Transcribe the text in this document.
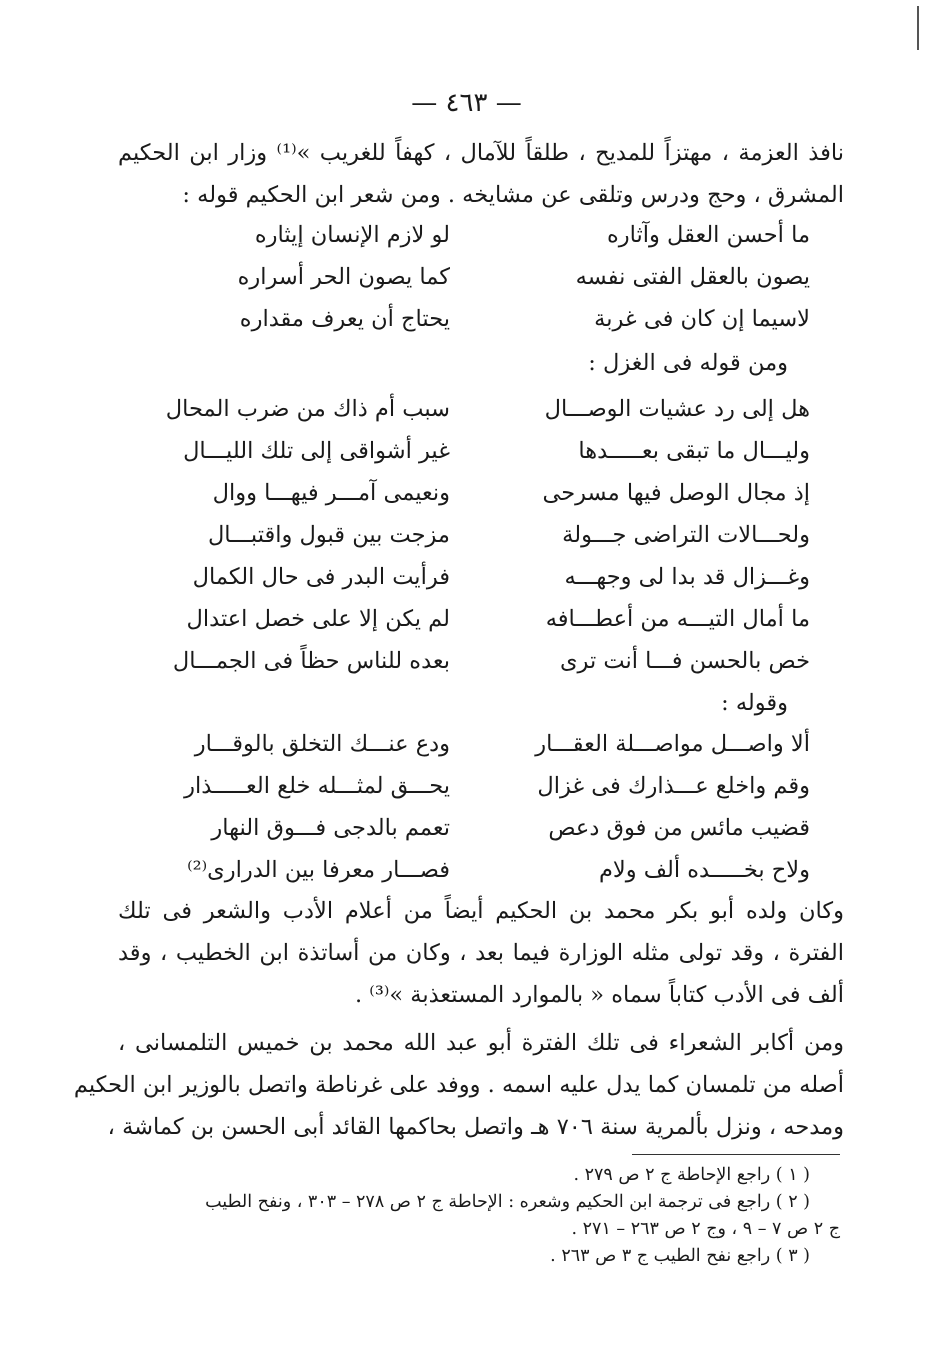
— ٤٦٣ —
نافذ العزمة ، مهتزاً للمديح ، طلقاً للآمال ، كهفاً للغريب »⁽¹⁾ وزار ابن الحكيم
المشرق ، وحج ودرس وتلقى عن مشايخه . ومن شعر ابن الحكيم قوله :
ما أحسن العقل وآثاره
لو لازم الإنسان إيثاره
يصون بالعقل الفتى نفسه
كما يصون الحر أسراره
لاسيما إن كان فى غربة
يحتاج أن يعرف مقداره
ومن قوله فى الغزل :
هل إلى رد عشيات الوصـــال
سبب أم ذاك من ضرب المحال
وليـــال ما تبقى بعـــــدها
غير أشواقى إلى تلك الليـــال
إذ مجال الوصل فيها مسرحى
ونعيمى آمـــر فيهـــا ووال
ولحـــالات التراضى جـــولة
مزجت بين قبول واقتبـــال
وغـــزال قد بدا لى وجهـــه
فرأيت البدر فى حال الكمال
ما أمال التيـــه من أعطـــافه
لم يكن إلا على خصل اعتدال
خص بالحسن فـــا أنت ترى
بعده للناس حظاً فى الجمـــال
وقوله :
ألا واصـــل مواصـــلة العقـــار
ودع عنـــك التخلق بالوقـــار
وقم واخلع عـــذارك فى غزال
يحـــق لمثـــله خلع العـــــذار
قضيب مائس من فوق دعص
تعمم بالدجى فـــوق النهار
ولاح بخـــــده ألف ولام
فصـــار معرفا بين الدرارى⁽²⁾
وكان ولده أبو بكر محمد بن الحكيم أيضاً من أعلام الأدب والشعر فى تلك
الفترة ، وقد تولى مثله الوزارة فيما بعد ، وكان من أساتذة ابن الخطيب ، وقد
ألف فى الأدب كتاباً سماه « بالموارد المستعذبة »⁽³⁾ .
ومن أكابر الشعراء فى تلك الفترة أبو عبد الله محمد بن خميس التلمسانى ،
أصله من تلمسان كما يدل عليه اسمه . ووفد على غرناطة واتصل بالوزير ابن الحكيم
ومدحه ، ونزل بألمرية سنة ٧٠٦ هـ واتصل بحاكمها القائد أبى الحسن بن كماشة ،
( ١ ) راجع الإحاطة ج ٢ ص ٢٧٩ .
( ٢ ) راجع فى ترجمة ابن الحكيم وشعره : الإحاطة ج ٢ ص ٢٧٨ – ٣٠٣ ، ونفح الطيب
ج ٢ ص ٧ – ٩ ، وج ٢ ص ٢٦٣ – ٢٧١ .
( ٣ ) راجع نفح الطيب ج ٣ ص ٢٦٣ .
